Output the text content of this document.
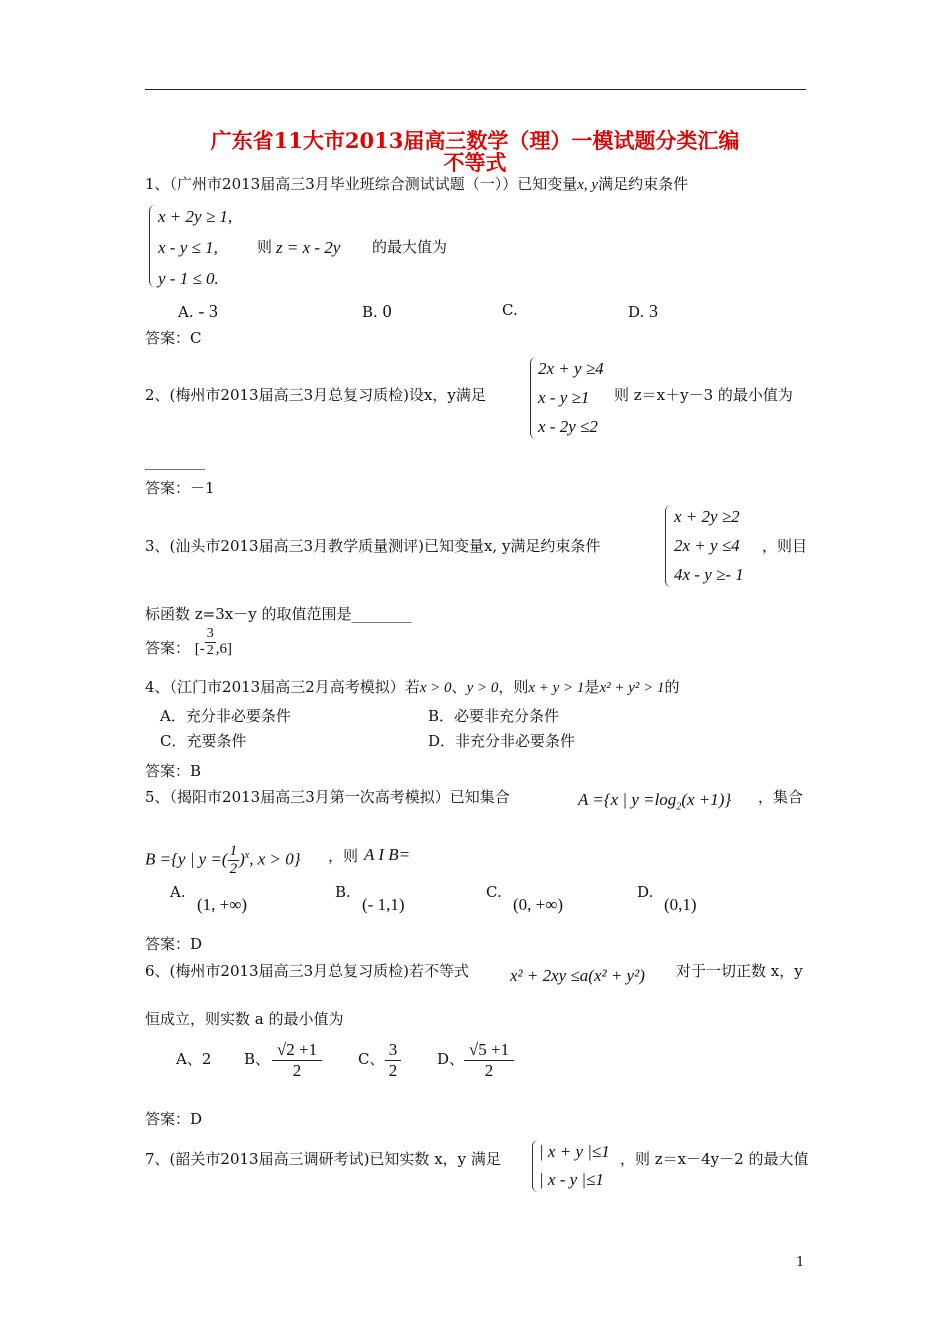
广东省11大市2013届高三数学（理）一模试题分类汇编
不等式
1、（广州市2013届高三3月毕业班综合测试试题（一））已知变量x, y满足约束条件
x + 2y ≥ 1,
x - y ≤ 1,	则 z = x - 2y 的最大值为
y - 1 ≤ 0.
A. - 3	B. 0	C.	D. 3
答案：C
2、(梅州市2013届高三3月总复习质检)设x，y满足
2x + y ≥4
x - y ≥1
x - 2y ≤2
则 z＝x＋y－3 的最小值为
________
答案：－1
3、(汕头市2013届高三3月教学质量测评)已知变量x, y满足约束条件
x + 2y ≥2
2x + y ≤4
4x - y ≥- 1
，则目
标函数 z=3x－y 的取值范围是________
答案： [- $\frac{3}{2} ,6$]
4、（江门市2013届高三2月高考模拟）若x > 0、y > 0，则x + y > 1是x² + y² > 1的
A．充分非必要条件	B．必要非充分条件
C．充要条件	D．非充分非必要条件
答案：B
5、（揭阳市2013届高三3月第一次高考模拟）已知集合	A ={x | $y =\log_2(x +1)$} ，集合
B ={y | y =( $\frac{1}{2} )^x$, x > 0} ，则 A I B=
A.
(1, +∞)
B.
(- 1,1)
C.
(0, +∞)
D.
(0,1)
答案：D
6、(梅州市2013届高三3月总复习质检)若不等式 x² + 2xy ≤a(x² + y²) 对于一切正数 x，y
恒成立，则实数 a 的最小值为
A、2 B、 √2 +1
2
C、 3
2
D、 √5 +1
2
答案：D
7、(韶关市2013届高三调研考试)已知实数 x，y 满足 | x + y |≤1
| x - y |≤1
，则 z＝x－4y－2 的最大值
1
